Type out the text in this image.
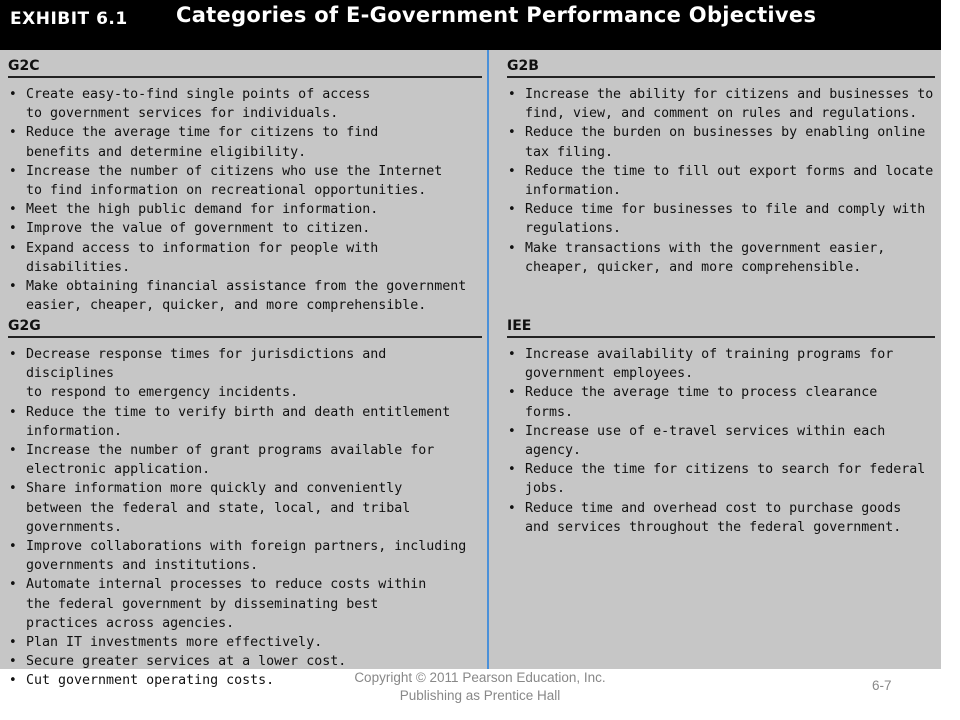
EXHIBIT 6.1 Categories of E-Government Performance Objectives
G2C
• Create easy-to-find single points of access
to government services for individuals.
• Reduce the average time for citizens to find
benefits and determine eligibility.
• Increase the number of citizens who use the Internet
to find information on recreational opportunities.
• Meet the high public demand for information.
• Improve the value of government to citizen.
• Expand access to information for people with
disabilities.
• Make obtaining financial assistance from the government
easier, cheaper, quicker, and more comprehensible.
G2B
• Increase the ability for citizens and businesses to
find, view, and comment on rules and regulations.
• Reduce the burden on businesses by enabling online
tax filing.
• Reduce the time to fill out export forms and locate
information.
• Reduce time for businesses to file and comply with
regulations.
• Make transactions with the government easier,
cheaper, quicker, and more comprehensible.
G2G
• Decrease response times for jurisdictions and disciplines
to respond to emergency incidents.
• Reduce the time to verify birth and death entitlement
information.
• Increase the number of grant programs available for
electronic application.
• Share information more quickly and conveniently
between the federal and state, local, and tribal
governments.
• Improve collaborations with foreign partners, including
governments and institutions.
• Automate internal processes to reduce costs within
the federal government by disseminating best
practices across agencies.
• Plan IT investments more effectively.
• Secure greater services at a lower cost.
• Cut government operating costs.
IEE
• Increase availability of training programs for
government employees.
• Reduce the average time to process clearance
forms.
• Increase use of e-travel services within each
agency.
• Reduce the time for citizens to search for federal
jobs.
• Reduce time and overhead cost to purchase goods
and services throughout the federal government.
Copyright © 2011 Pearson Education, Inc.
Publishing as Prentice Hall
6-7
